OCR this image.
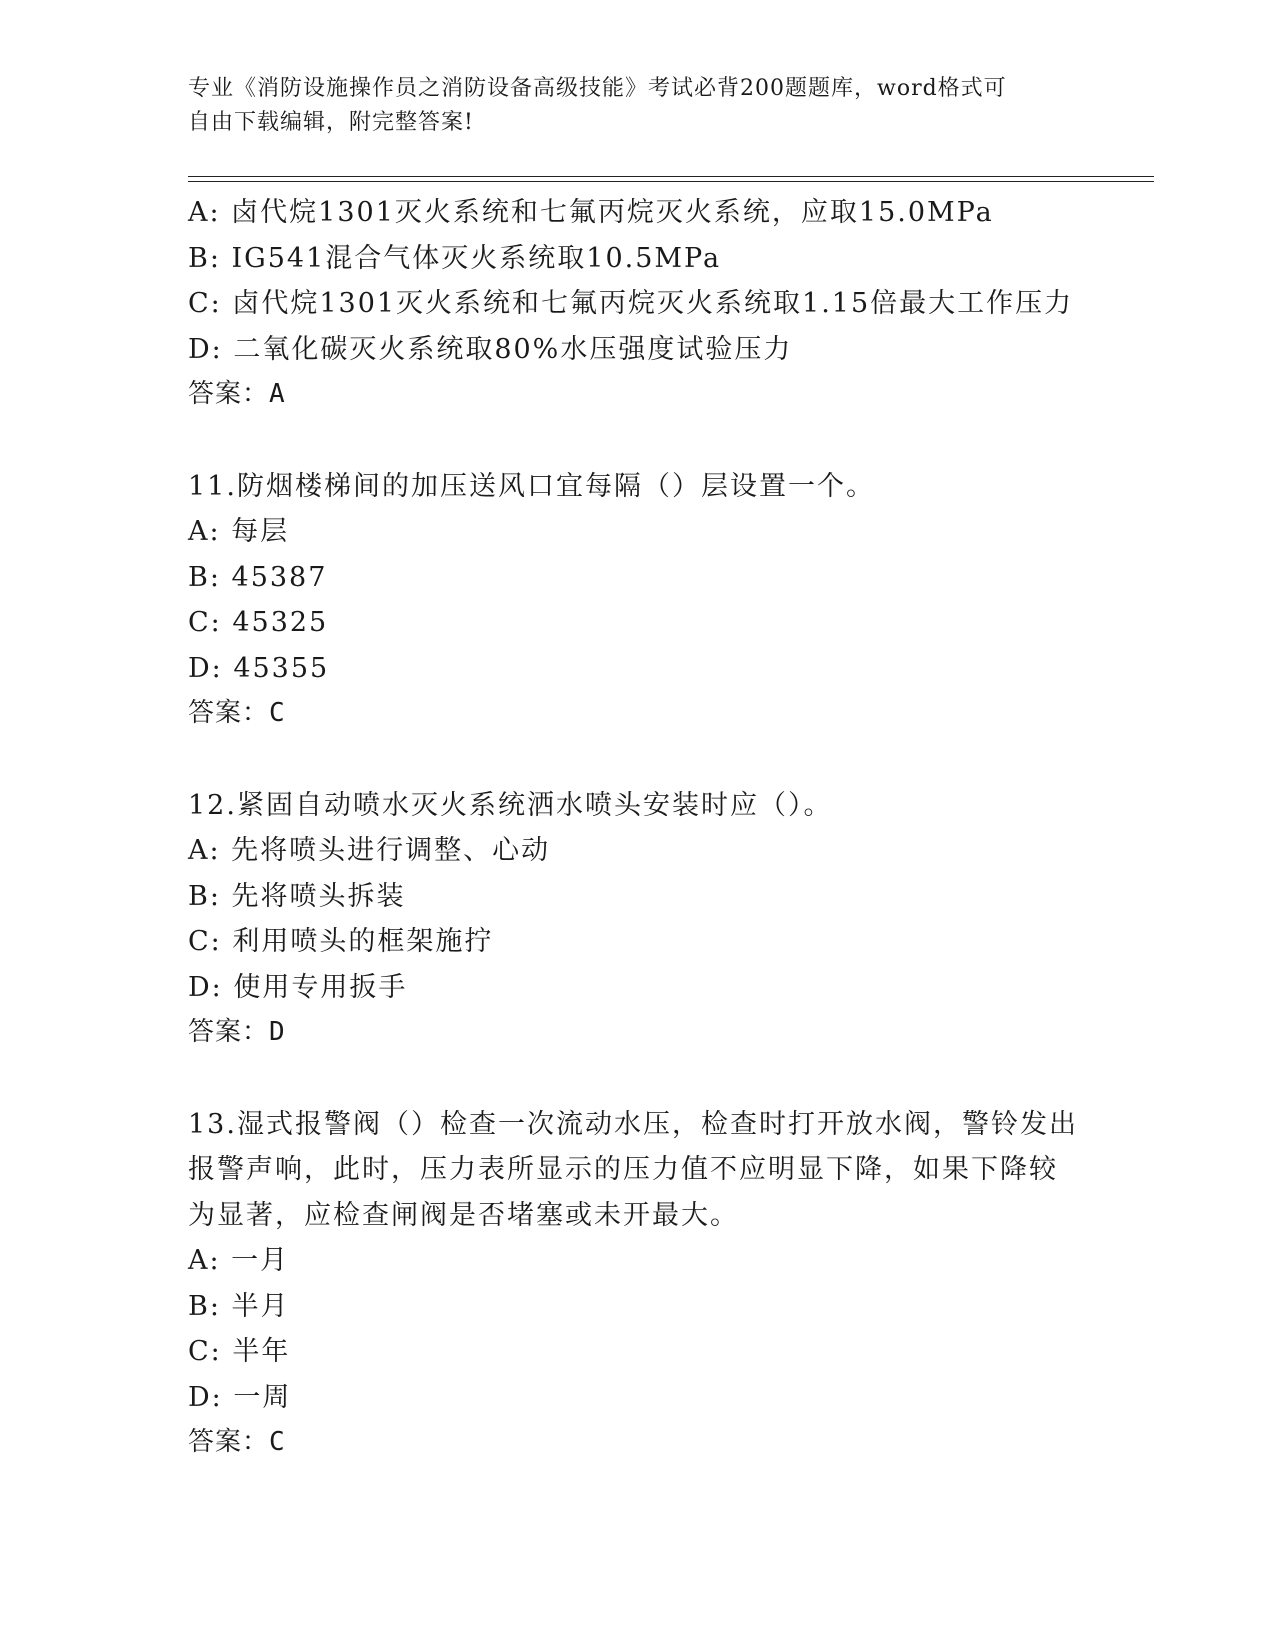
专业《消防设施操作员之消防设备高级技能》考试必背200题题库，word格式可
自由下载编辑，附完整答案!
A: 卤代烷1301灭火系统和七氟丙烷灭火系统，应取15.0MPa
B: IG541混合气体灭火系统取10.5MPa
C: 卤代烷1301灭火系统和七氟丙烷灭火系统取1.15倍最大工作压力
D: 二氧化碳灭火系统取80%水压强度试验压力
答案：A
11.防烟楼梯间的加压送风口宜每隔（）层设置一个。
A: 每层
B: 45387
C: 45325
D: 45355
答案：C
12.紧固自动喷水灭火系统洒水喷头安装时应（）。
A: 先将喷头进行调整、心动
B: 先将喷头拆装
C: 利用喷头的框架施拧
D: 使用专用扳手
答案：D
13.湿式报警阀（）检查一次流动水压，检查时打开放水阀，警铃发出
报警声响，此时，压力表所显示的压力值不应明显下降，如果下降较
为显著，应检查闸阀是否堵塞或未开最大。
A: 一月
B: 半月
C: 半年
D: 一周
答案：C
